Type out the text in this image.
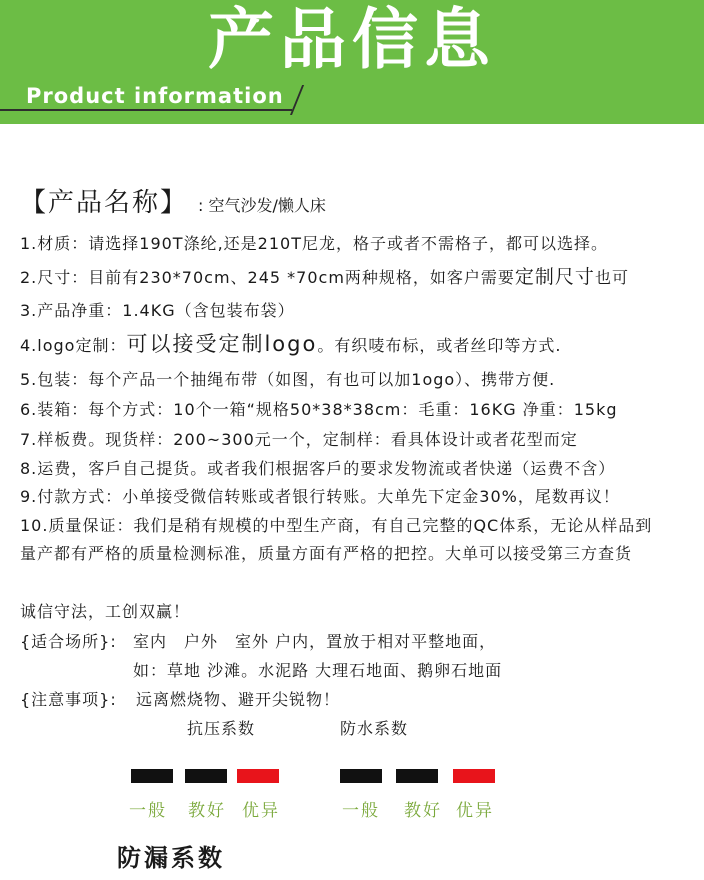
产品信息
Product information
【产品名称】 : 空气沙发/懒人床
1.材质：请选择190T涤纶,还是210T尼龙，格子或者不需格子，都可以选择。
2.尺寸：目前有230*70cm、245 *70cm两种规格，如客户需要定制尺寸也可
3.产品净重：1.4KG（含包装布袋）
4.logo定制：可以接受定制logo。有织唛布标，或者丝印等方式.
5.包装：每个产品一个抽绳布带（如图，有也可以加1ogo）、携带方便.
6.装箱：每个方式：10个一箱“规格50*38*38cm：毛重：16KG 净重：15kg
7.样板费。现货样：200~300元一个，定制样：看具体设计或者花型而定
8.运费，客戶自己提货。或者我们根据客戶的要求发物流或者快递（运费不含）
9.付款方式：小单接受微信转账或者银行转账。大单先下定金30%，尾数再议！
10.质量保证：我们是稍有规模的中型生产商，有自己完整的QC体系，无论从样品到
量产都有严格的质量检测标准，质量方面有严格的把控。大单可以接受第三方查货
诚信守法，工创双赢！
{适合场所}: 室内　户外　室外 户内，置放于相对平整地面，
如：草地 沙滩。水泥路 大理石地面、鹅卵石地面
{注意事项}: 远离燃烧物、避开尖锐物！
抗压系数
一般 教好 优异
防水系数
一般 教好 优异
防漏系数
